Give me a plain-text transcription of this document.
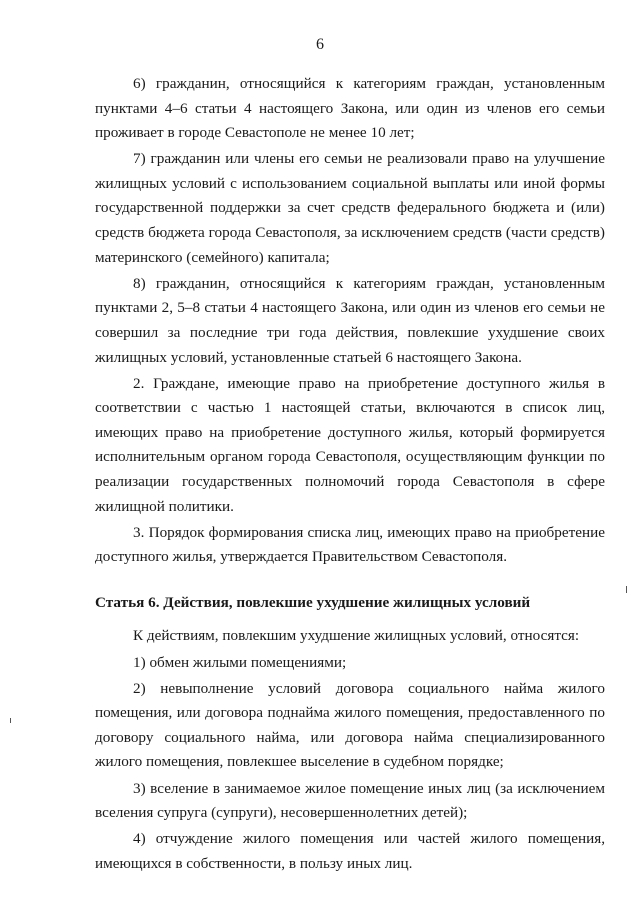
6

6) гражданин, относящийся к категориям граждан, установленным пунктами 4–6 статьи 4 настоящего Закона, или один из членов его семьи проживает в городе Севастополе не менее 10 лет;

7) гражданин или члены его семьи не реализовали право на улучшение жилищных условий с использованием социальной выплаты или иной формы государственной поддержки за счет средств федерального бюджета и (или) средств бюджета города Севастополя, за исключением средств (части средств) материнского (семейного) капитала;

8) гражданин, относящийся к категориям граждан, установленным пунктами 2, 5–8 статьи 4 настоящего Закона, или один из членов его семьи не совершил за последние три года действия, повлекшие ухудшение своих жилищных условий, установленные статьей 6 настоящего Закона.

2. Граждане, имеющие право на приобретение доступного жилья в соответствии с частью 1 настоящей статьи, включаются в список лиц, имеющих право на приобретение доступного жилья, который формируется исполнительным органом города Севастополя, осуществляющим функции по реализации государственных полномочий города Севастополя в сфере жилищной политики.

3. Порядок формирования списка лиц, имеющих право на приобретение доступного жилья, утверждается Правительством Севастополя.

Статья 6. Действия, повлекшие ухудшение жилищных условий

К действиям, повлекшим ухудшение жилищных условий, относятся:

1) обмен жилыми помещениями;

2) невыполнение условий договора социального найма жилого помещения, или договора поднайма жилого помещения, предоставленного по договору социального найма, или договора найма специализированного жилого помещения, повлекшее выселение в судебном порядке;

3) вселение в занимаемое жилое помещение иных лиц (за исключением вселения супруга (супруги), несовершеннолетних детей);

4) отчуждение жилого помещения или частей жилого помещения, имеющихся в собственности, в пользу иных лиц.
